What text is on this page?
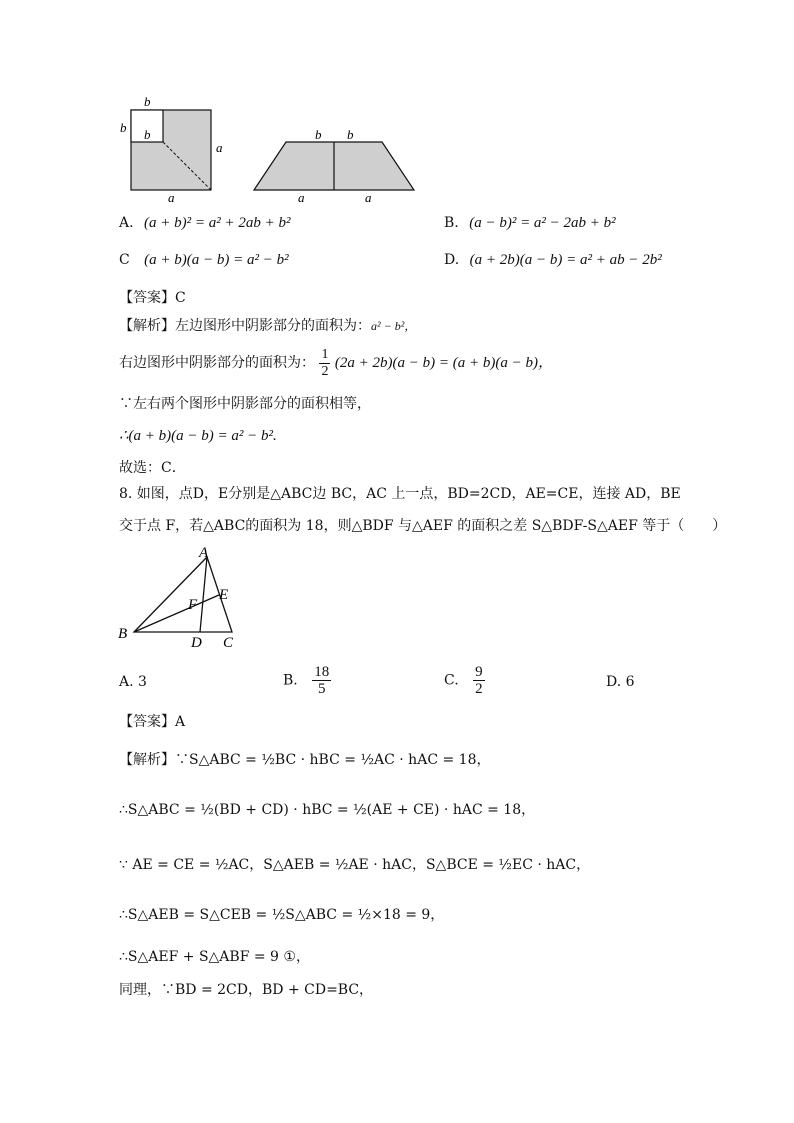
b
b b
a
a
b b
a	a
A. (a + b)² = a² + 2ab + b²	B. (a − b)² = a² − 2ab + b²
C (a + b)(a − b) = a² − b²	D. (a + 2b)(a − b) = a² + ab − 2b²
【答案】C
【解析】左边图形中阴影部分的面积为：a² − b²，
右边图形中阴影部分的面积为： $\frac{1}{2} (2a + 2b)(a - b) = (a + b)(a - b)$，
∵左右两个图形中阴影部分的面积相等，
∴(a + b)(a − b) = a² − b².
故选：C．
8. 如图，点D，E分别是△ABC边 BC，AC 上一点，BD=2CD，AE=CE，连接 AD，BE
交于点 F，若△ABC的面积为 18，则△BDF 与△AEF 的面积之差 S△BDF-S△AEF 等于（　　）
A
B
C
D
E
F
A. 3	B. $\frac{18}{5}$	C. $\frac{9}{2}$	D. 6
【答案】A
【解析】∵S△ABC = ½BC · hBC = ½AC · hAC = 18，
∴S△ABC = ½(BD + CD) · hBC = ½(AE + CE) · hAC = 18，
∵ AE = CE = ½AC，S△AEB = ½AE · hAC，S△BCE = ½EC · hAC，
∴S△AEB = S△CEB = ½S△ABC = ½×18 = 9，
∴S△AEF + S△ABF = 9 ①，
同理，∵BD = 2CD，BD + CD=BC，
